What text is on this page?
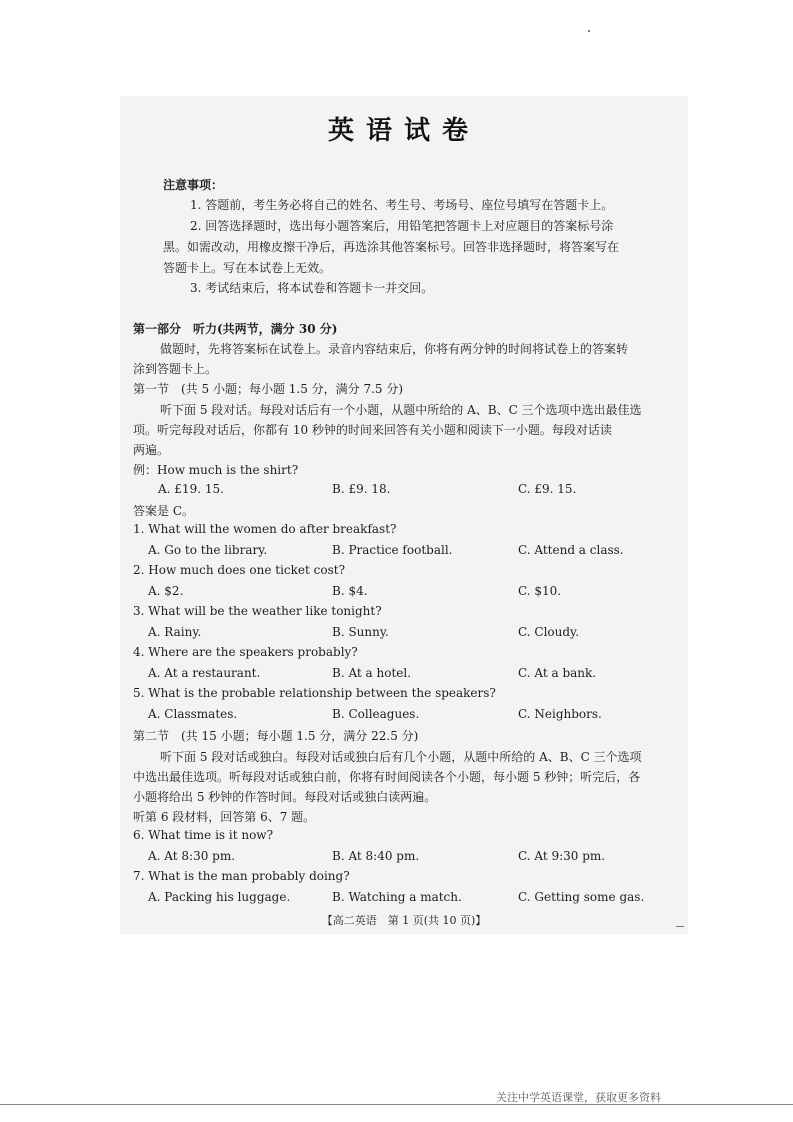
英语试卷
注意事项：
1. 答题前，考生务必将自己的姓名、考生号、考场号、座位号填写在答题卡上。
2. 回答选择题时，选出每小题答案后，用铅笔把答题卡上对应题目的答案标号涂
黑。如需改动，用橡皮擦干净后，再选涂其他答案标号。回答非选择题时，将答案写在
答题卡上。写在本试卷上无效。
3. 考试结束后，将本试卷和答题卡一并交回。
第一部分　听力(共两节，满分 30 分)
做题时，先将答案标在试卷上。录音内容结束后，你将有两分钟的时间将试卷上的答案转
涂到答题卡上。
第一节　(共 5 小题；每小题 1.5 分，满分 7.5 分)
听下面 5 段对话。每段对话后有一个小题，从题中所给的 A、B、C 三个选项中选出最佳选
项。听完每段对话后，你都有 10 秒钟的时间来回答有关小题和阅读下一小题。每段对话读
两遍。
例：How much is the shirt?
A. £19. 15.	B. £9. 18.	C. £9. 15.
答案是 C。
1. What will the women do after breakfast?
A. Go to the library.	B. Practice football.	C. Attend a class.
2. How much does one ticket cost?
A. $2.	B. $4.	C. $10.
3. What will be the weather like tonight?
A. Rainy.	B. Sunny.	C. Cloudy.
4. Where are the speakers probably?
A. At a restaurant.	B. At a hotel.	C. At a bank.
5. What is the probable relationship between the speakers?
A. Classmates.	B. Colleagues.	C. Neighbors.
第二节　(共 15 小题；每小题 1.5 分，满分 22.5 分)
听下面 5 段对话或独白。每段对话或独白后有几个小题，从题中所给的 A、B、C 三个选项
中选出最佳选项。听每段对话或独白前，你将有时间阅读各个小题，每小题 5 秒钟；听完后，各
小题将给出 5 秒钟的作答时间。每段对话或独白读两遍。
听第 6 段材料，回答第 6、7 题。
6. What time is it now?
A. At 8:30 pm.	B. At 8:40 pm.	C. At 9:30 pm.
7. What is the man probably doing?
A. Packing his luggage.	B. Watching a match.	C. Getting some gas.
【高二英语　第 1 页(共 10 页)】
关注中学英语课堂，获取更多资料
